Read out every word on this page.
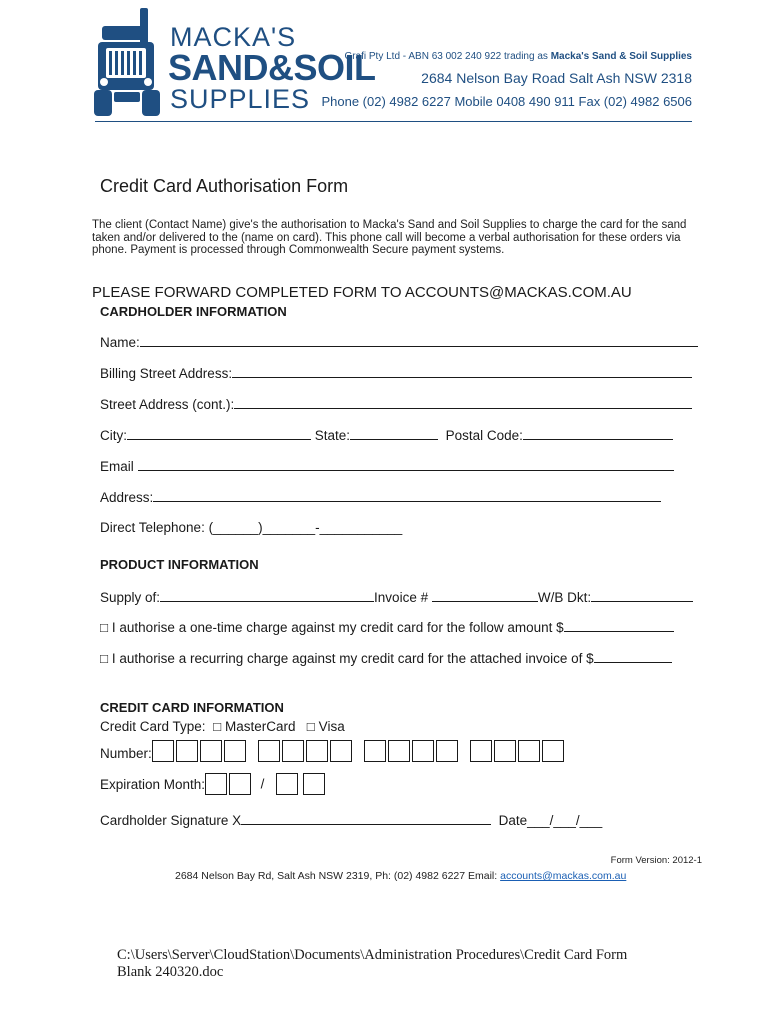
MACKA'S
SAND&SOIL
SUPPLIES
Grafi Pty Ltd - ABN 63 002 240 922 trading as Macka's Sand & Soil Supplies
2684 Nelson Bay Road Salt Ash NSW 2318
Phone (02) 4982 6227 Mobile 0408 490 911 Fax (02) 4982 6506
Credit Card Authorisation Form
The client (Contact Name) give's the authorisation to Macka's Sand and Soil Supplies to charge the card for the sand taken and/or delivered to the (name on card). This phone call will become a verbal authorisation for these orders via phone. Payment is processed through Commonwealth Secure payment systems.
PLEASE FORWARD COMPLETED FORM TO ACCOUNTS@MACKAS.COM.AU
CARDHOLDER INFORMATION
Name:
Billing Street Address:
Street Address (cont.):
City:	State:	Postal Code:
Email
Address:
Direct Telephone: (______)_______-___________
PRODUCT INFORMATION
Supply of:	Invoice #	W/B Dkt:
□ I authorise a one-time charge against my credit card for the follow amount $
□ I authorise a recurring charge against my credit card for the attached invoice of $
CREDIT CARD INFORMATION
Credit Card Type: □ MasterCard □ Visa
Number:
Expiration Month:	/
Cardholder Signature X	Date___/___/___
Form Version: 2012-1
2684 Nelson Bay Rd, Salt Ash NSW 2319, Ph: (02) 4982 6227 Email: accounts@mackas.com.au
C:\Users\Server\CloudStation\Documents\Administration Procedures\Credit Card Form Blank 240320.doc
